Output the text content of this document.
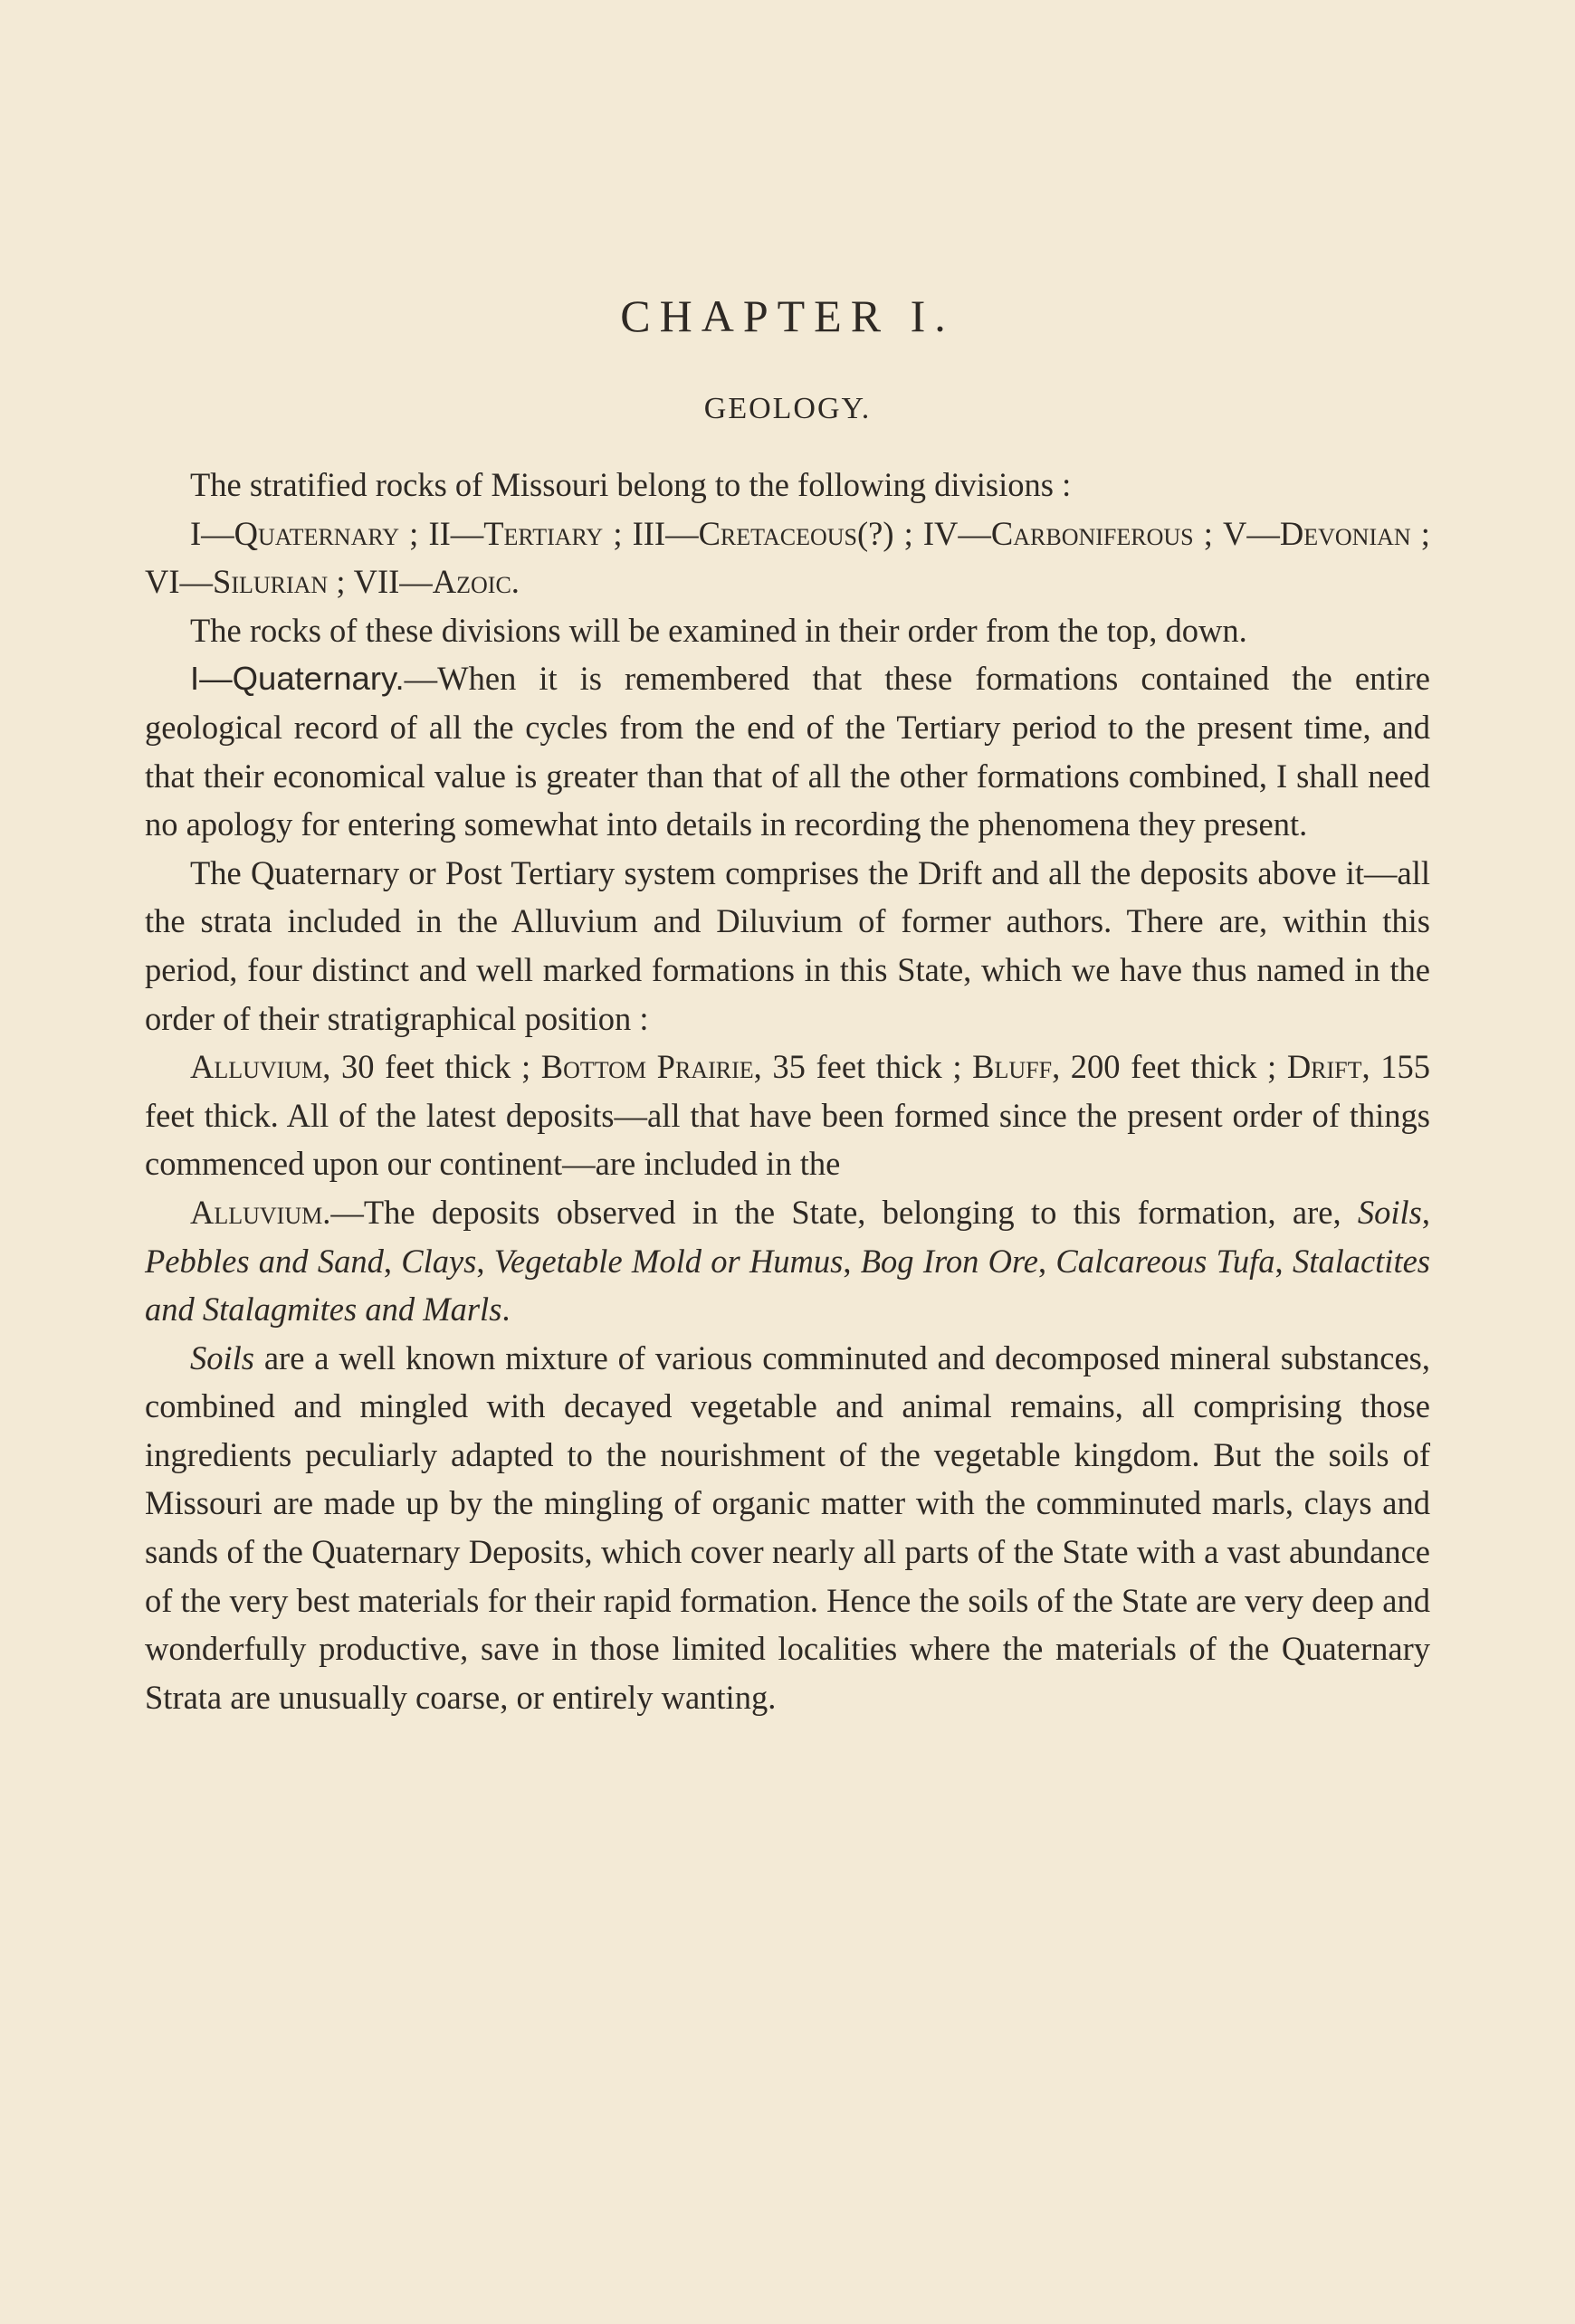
CHAPTER I.
GEOLOGY.

The stratified rocks of Missouri belong to the following divisions :

I—Quaternary ; II—Tertiary ; III—Cretaceous(?) ; IV—Carboniferous ; V—Devonian ; VI—Silurian ; VII—Azoic.

The rocks of these divisions will be examined in their order from the top, down.

I—Quaternary.—When it is remembered that these formations contained the entire geological record of all the cycles from the end of the Tertiary period to the present time, and that their economical value is greater than that of all the other formations combined, I shall need no apology for entering somewhat into details in recording the phenomena they present.

The Quaternary or Post Tertiary system comprises the Drift and all the deposits above it—all the strata included in the Alluvium and Diluvium of former authors. There are, within this period, four distinct and well marked formations in this State, which we have thus named in the order of their stratigraphical position :

Alluvium, 30 feet thick ; Bottom Prairie, 35 feet thick ; Bluff, 200 feet thick ; Drift, 155 feet thick. All of the latest deposits—all that have been formed since the present order of things commenced upon our continent—are included in the

Alluvium.—The deposits observed in the State, belonging to this formation, are, Soils, Pebbles and Sand, Clays, Vegetable Mold or Humus, Bog Iron Ore, Calcareous Tufa, Stalactites and Stalagmites and Marls.

Soils are a well known mixture of various comminuted and decomposed mineral substances, combined and mingled with decayed vegetable and animal remains, all comprising those ingredients peculiarly adapted to the nourishment of the vegetable kingdom. But the soils of Missouri are made up by the mingling of organic matter with the comminuted marls, clays and sands of the Quaternary Deposits, which cover nearly all parts of the State with a vast abundance of the very best materials for their rapid formation. Hence the soils of the State are very deep and wonderfully productive, save in those limited localities where the materials of the Quaternary Strata are unusually coarse, or entirely wanting.
